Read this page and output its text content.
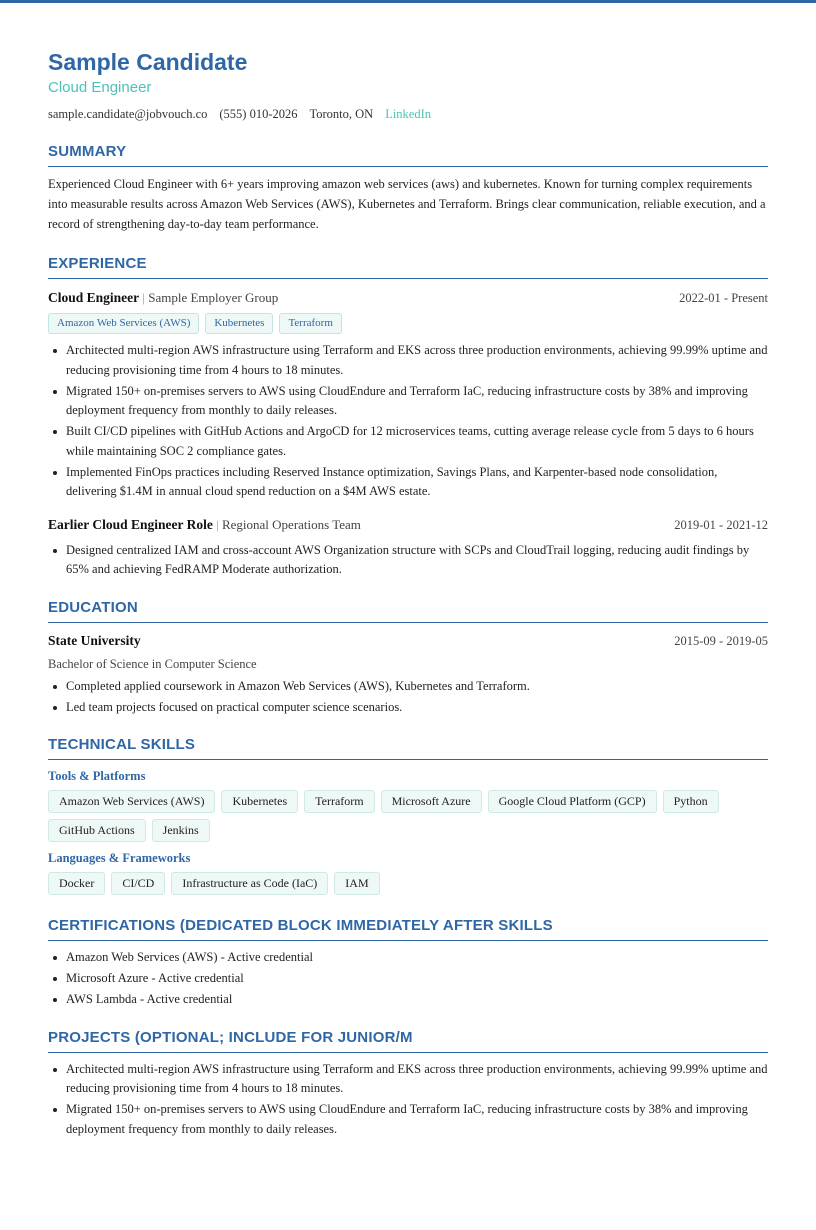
Sample Candidate
Cloud Engineer
sample.candidate@jobvouch.co (555) 010-2026 Toronto, ON LinkedIn
SUMMARY
Experienced Cloud Engineer with 6+ years improving amazon web services (aws) and kubernetes. Known for turning complex requirements into measurable results across Amazon Web Services (AWS), Kubernetes and Terraform. Brings clear communication, reliable execution, and a record of strengthening day-to-day team performance.
EXPERIENCE
Cloud Engineer | Sample Employer Group	2022-01 - Present
Amazon Web Services (AWS)	Kubernetes	Terraform
Architected multi-region AWS infrastructure using Terraform and EKS across three production environments, achieving 99.99% uptime and reducing provisioning time from 4 hours to 18 minutes.
Migrated 150+ on-premises servers to AWS using CloudEndure and Terraform IaC, reducing infrastructure costs by 38% and improving deployment frequency from monthly to daily releases.
Built CI/CD pipelines with GitHub Actions and ArgoCD for 12 microservices teams, cutting average release cycle from 5 days to 6 hours while maintaining SOC 2 compliance gates.
Implemented FinOps practices including Reserved Instance optimization, Savings Plans, and Karpenter-based node consolidation, delivering $1.4M in annual cloud spend reduction on a $4M AWS estate.
Earlier Cloud Engineer Role | Regional Operations Team	2019-01 - 2021-12
Designed centralized IAM and cross-account AWS Organization structure with SCPs and CloudTrail logging, reducing audit findings by 65% and achieving FedRAMP Moderate authorization.
EDUCATION
State University	2015-09 - 2019-05
Bachelor of Science in Computer Science
Completed applied coursework in Amazon Web Services (AWS), Kubernetes and Terraform.
Led team projects focused on practical computer science scenarios.
TECHNICAL SKILLS
Tools & Platforms
Amazon Web Services (AWS)	Kubernetes	Terraform	Microsoft Azure	Google Cloud Platform (GCP)	Python
GitHub Actions	Jenkins
Languages & Frameworks
Docker	CI/CD	Infrastructure as Code (IaC)	IAM
CERTIFICATIONS (DEDICATED BLOCK IMMEDIATELY AFTER SKILLS
Amazon Web Services (AWS) - Active credential
Microsoft Azure - Active credential
AWS Lambda - Active credential
PROJECTS (OPTIONAL; INCLUDE FOR JUNIOR/M
Architected multi-region AWS infrastructure using Terraform and EKS across three production environments, achieving 99.99% uptime and reducing provisioning time from 4 hours to 18 minutes.
Migrated 150+ on-premises servers to AWS using CloudEndure and Terraform IaC, reducing infrastructure costs by 38% and improving deployment frequency from monthly to daily releases.
